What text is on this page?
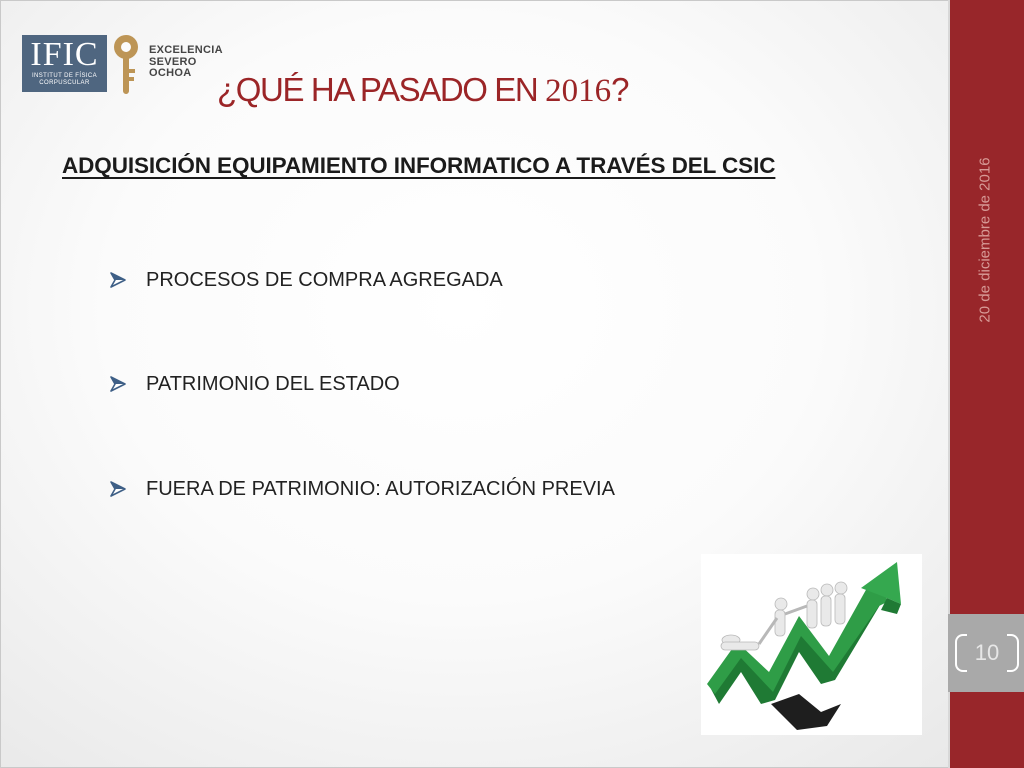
IFIC
INSTITUT DE FÍSICA
CORPUSCULAR
EXCELENCIA
SEVERO
OCHOA ¿QUÉ HA PASADO EN 2016?
ADQUISICIÓN EQUIPAMIENTO INFORMATICO A TRAVÉS DEL CSIC
PROCESOS DE COMPRA AGREGADA
PATRIMONIO DEL ESTADO
FUERA DE PATRIMONIO: AUTORIZACIÓN PREVIA
20 de diciembre de 2016
10
